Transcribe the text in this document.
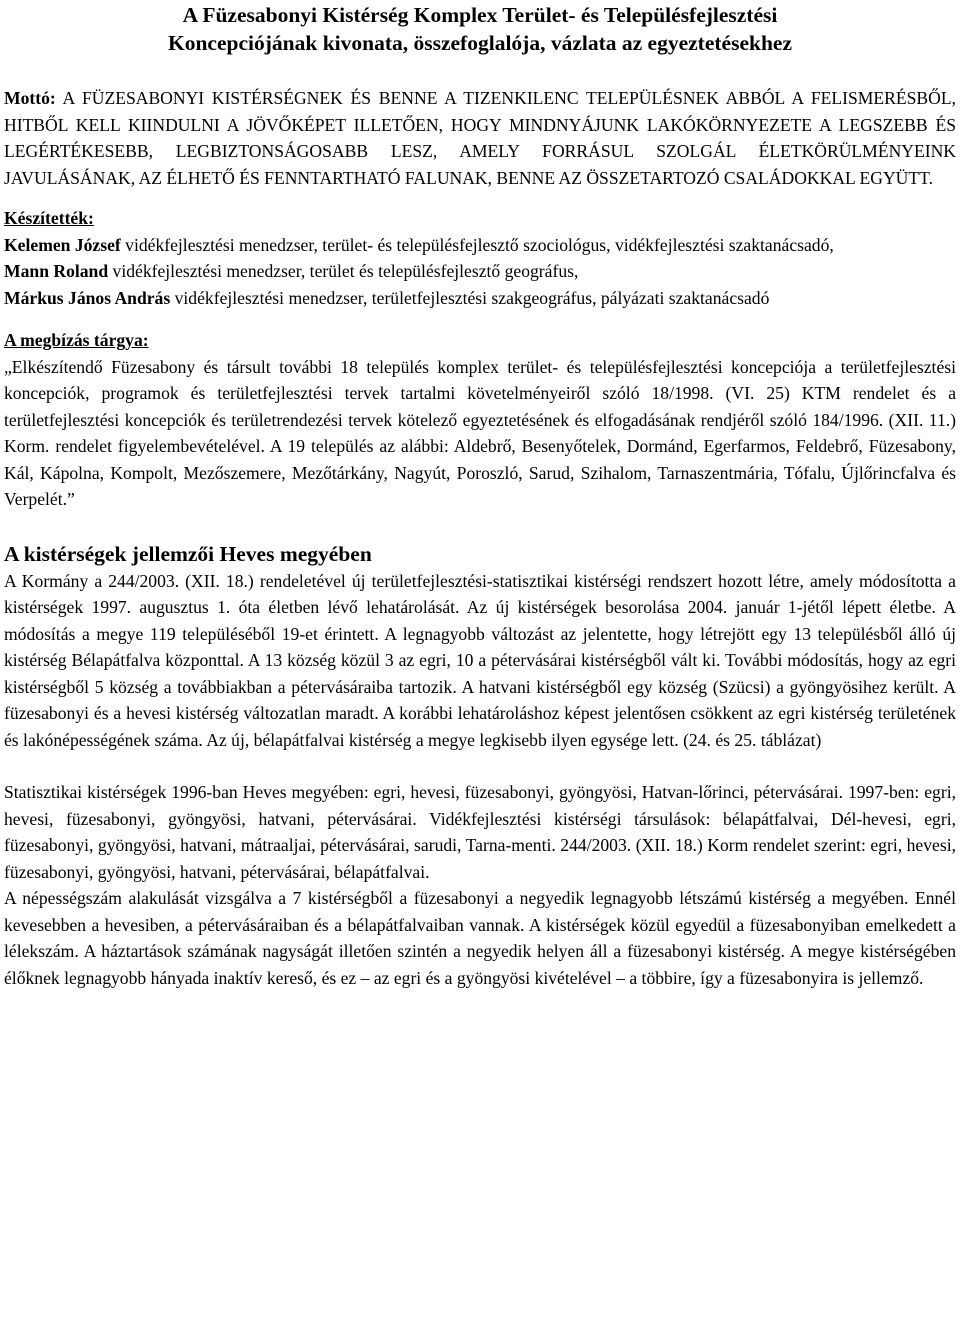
A Füzesabonyi Kistérség Komplex Terület- és Településfejlesztési
Koncepciójának kivonata, összefoglalója, vázlata az egyeztetésekhez

Mottó: A FÜZESABONYI KISTÉRSÉGNEK ÉS BENNE A TIZENKILENC TELEPÜLÉSNEK ABBÓL A FELISMERÉSBŐL, HITBŐL KELL KIINDULNI A JÖVŐKÉPET ILLETŐEN, HOGY MINDNYÁJUNK LAKÓKÖRNYEZETE A LEGSZEBB ÉS LEGÉRTÉKESEBB, LEGBIZTONSÁGOSABB LESZ, AMELY FORRÁSUL SZOLGÁL ÉLETKÖRÜLMÉNYEINK JAVULÁSÁNAK, AZ ÉLHETŐ ÉS FENNTARTHATÓ FALUNAK, BENNE AZ ÖSSZETARTOZÓ CSALÁDOKKAL EGYÜTT.

Készítették:

Kelemen József vidékfejlesztési menedzser, terület- és településfejlesztő szociológus, vidékfejlesztési szaktanácsadó,

Mann Roland vidékfejlesztési menedzser, terület és településfejlesztő geográfus,

Márkus János András vidékfejlesztési menedzser, területfejlesztési szakgeográfus, pályázati szaktanácsadó

A megbízás tárgya:

„Elkészítendő Füzesabony és társult további 18 település komplex terület- és településfejlesztési koncepciója a területfejlesztési koncepciók, programok és területfejlesztési tervek tartalmi követelményeiről szóló 18/1998. (VI. 25) KTM rendelet és a területfejlesztési koncepciók és területrendezési tervek kötelező egyeztetésének és elfogadásának rendjéről szóló 184/1996. (XII. 11.) Korm. rendelet figyelembevételével. A 19 település az alábbi: Aldebrő, Besenyőtelek, Dormánd, Egerfarmos, Feldebrő, Füzesabony, Kál, Kápolna, Kompolt, Mezőszemere, Mezőtárkány, Nagyút, Poroszló, Sarud, Szihalom, Tarnaszentmária, Tófalu, Újlőrincfalva és Verpelét.”

A kistérségek jellemzői Heves megyében

A Kormány a 244/2003. (XII. 18.) rendeletével új területfejlesztési-statisztikai kistérségi rendszert hozott létre, amely módosította a kistérségek 1997. augusztus 1. óta életben lévő lehatárolását. Az új kistérségek besorolása 2004. január 1-jétől lépett életbe. A módosítás a megye 119 településéből 19-et érintett. A legnagyobb változást az jelentette, hogy létrejött egy 13 településből álló új kistérség Bélapátfalva központtal. A 13 község közül 3 az egri, 10 a pétervásárai kistérségből vált ki. További módosítás, hogy az egri kistérségből 5 község a továbbiakban a pétervásáraiba tartozik. A hatvani kistérségből egy község (Szücsi) a gyöngyösihez került. A füzesabonyi és a hevesi kistérség változatlan maradt. A korábbi lehatároláshoz képest jelentősen csökkent az egri kistérség területének és lakónépességének száma. Az új, bélapátfalvai kistérség a megye legkisebb ilyen egysége lett. (24. és 25. táblázat)

Statisztikai kistérségek 1996-ban Heves megyében: egri, hevesi, füzesabonyi, gyöngyösi, Hatvan-lőrinci, pétervásárai. 1997-ben: egri, hevesi, füzesabonyi, gyöngyösi, hatvani, pétervásárai. Vidékfejlesztési kistérségi társulások: bélapátfalvai, Dél-hevesi, egri, füzesabonyi, gyöngyösi, hatvani, mátraaljai, pétervásárai, sarudi, Tarna-menti. 244/2003. (XII. 18.) Korm rendelet szerint: egri, hevesi, füzesabonyi, gyöngyösi, hatvani, pétervásárai, bélapátfalvai.

A népességszám alakulását vizsgálva a 7 kistérségből a füzesabonyi a negyedik legnagyobb létszámú kistérség a megyében. Ennél kevesebben a hevesiben, a pétervásáraiban és a bélapátfalvaiban vannak. A kistérségek közül egyedül a füzesabonyiban emelkedett a lélekszám. A háztartások számának nagyságát illetően szintén a negyedik helyen áll a füzesabonyi kistérség. A megye kistérségében élőknek legnagyobb hányada inaktív kereső, és ez – az egri és a gyöngyösi kivételével – a többire, így a füzesabonyira is jellemző.
